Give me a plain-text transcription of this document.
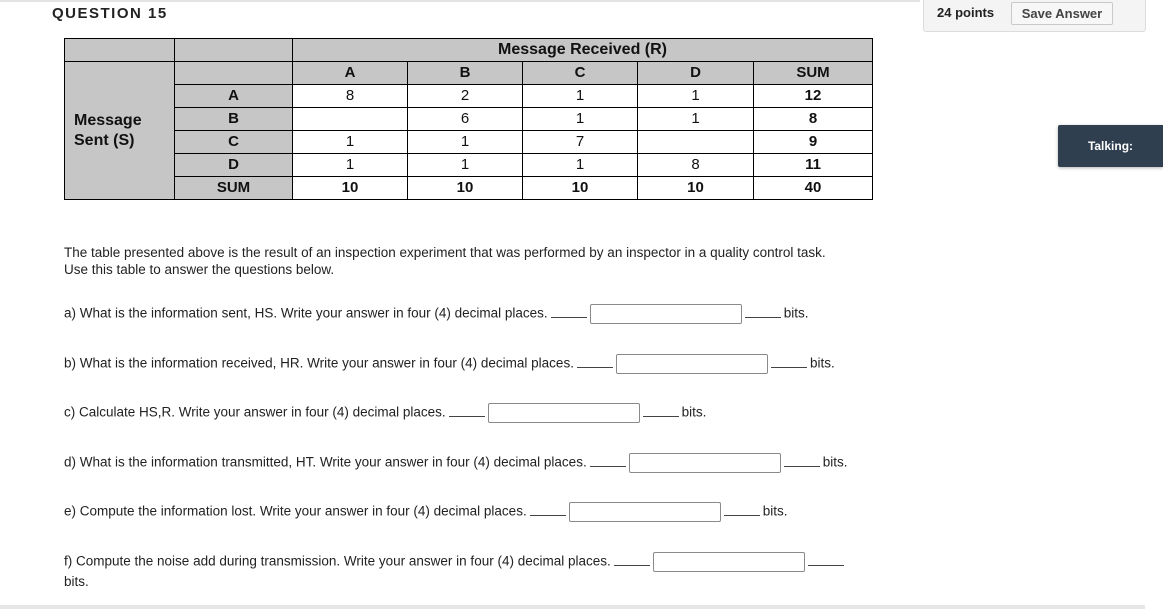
QUESTION 15	24 points	Save Answer
Talking:
		Message Received (R)				
Message
Sent (S)		A	B	C	D	SUM
	A	8	2	1	1	12
	B		6	1	1	8
	C	1	1	7		9
	D	1	1	1	8	11
	SUM	10	10	10	10	40
The table presented above is the result of an inspection experiment that was performed by an inspector in a quality control task.
Use this table to answer the questions below.
a) What is the information sent, HS. Write your answer in four (4) decimal places.	bits.
b) What is the information received, HR. Write your answer in four (4) decimal places.	bits.
c) Calculate HS,R. Write your answer in four (4) decimal places.	bits.
d) What is the information transmitted, HT. Write your answer in four (4) decimal places.	bits.
e) Compute the information lost. Write your answer in four (4) decimal places.	bits.
f) Compute the noise add during transmission. Write your answer in four (4) decimal places.
bits.
